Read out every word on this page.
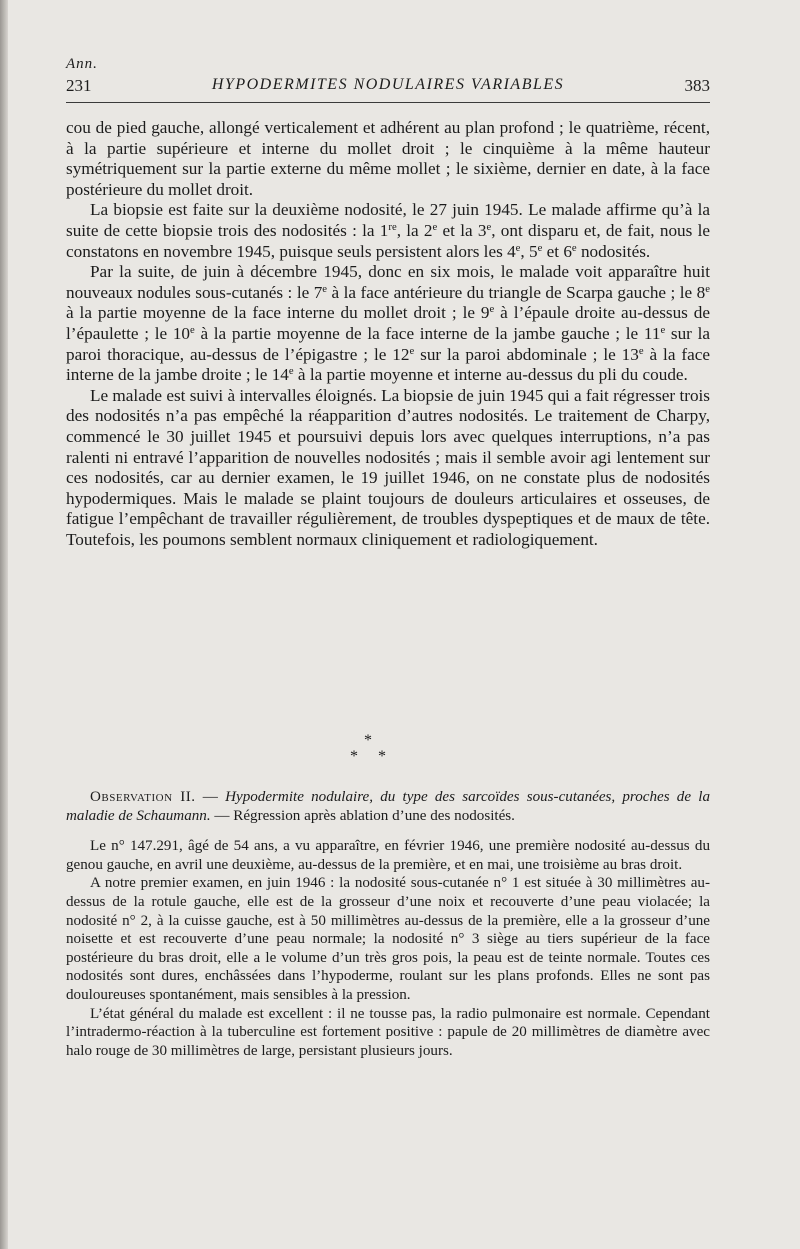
Ann.
231	HYPODERMITES NODULAIRES VARIABLES	383

cou de pied gauche, allongé verticalement et adhérent au plan profond ; le quatrième, récent, à la partie supérieure et interne du mollet droit ; le cinquième à la même hauteur symétriquement sur la partie externe du même mollet ; le sixième, dernier en date, à la face postérieure du mollet droit.

La biopsie est faite sur la deuxième nodosité, le 27 juin 1945. Le malade affirme qu’à la suite de cette biopsie trois des nodosités : la 1re, la 2e et la 3e, ont disparu et, de fait, nous le constatons en novembre 1945, puisque seuls persistent alors les 4e, 5e et 6e nodosités.

Par la suite, de juin à décembre 1945, donc en six mois, le malade voit apparaître huit nouveaux nodules sous-cutanés : le 7e à la face antérieure du triangle de Scarpa gauche ; le 8e à la partie moyenne de la face interne du mollet droit ; le 9e à l’épaule droite au-dessus de l’épaulette ; le 10e à la partie moyenne de la face interne de la jambe gauche ; le 11e sur la paroi thoracique, au-dessus de l’épigastre ; le 12e sur la paroi abdominale ; le 13e à la face interne de la jambe droite ; le 14e à la partie moyenne et interne au-dessus du pli du coude.

Le malade est suivi à intervalles éloignés. La biopsie de juin 1945 qui a fait régresser trois des nodosités n’a pas empêché la réapparition d’autres nodosités. Le traitement de Charpy, commencé le 30 juillet 1945 et poursuivi depuis lors avec quelques interruptions, n’a pas ralenti ni entravé l’apparition de nouvelles nodosités ; mais il semble avoir agi lentement sur ces nodosités, car au dernier examen, le 19 juillet 1946, on ne constate plus de nodosités hypodermiques. Mais le malade se plaint toujours de douleurs articulaires et osseuses, de fatigue l’empêchant de travailler régulièrement, de troubles dyspeptiques et de maux de tête. Toutefois, les poumons semblent normaux cliniquement et radiologiquement.

*
* *

Observation II. — Hypodermite nodulaire, du type des sarcoïdes sous-cutanées, proches de la maladie de Schaumann. — Régression après ablation d’une des nodosités.

Le n° 147.291, âgé de 54 ans, a vu apparaître, en février 1946, une première nodosité au-dessus du genou gauche, en avril une deuxième, au-dessus de la première, et en mai, une troisième au bras droit.

A notre premier examen, en juin 1946 : la nodosité sous-cutanée n° 1 est située à 30 millimètres au-dessus de la rotule gauche, elle est de la grosseur d’une noix et recouverte d’une peau violacée; la nodosité n° 2, à la cuisse gauche, est à 50 millimètres au-dessus de la première, elle a la grosseur d’une noisette et est recouverte d’une peau normale; la nodosité n° 3 siège au tiers supérieur de la face postérieure du bras droit, elle a le volume d’un très gros pois, la peau est de teinte normale. Toutes ces nodosités sont dures, enchâssées dans l’hypoderme, roulant sur les plans profonds. Elles ne sont pas douloureuses spontanément, mais sensibles à la pression.

L’état général du malade est excellent : il ne tousse pas, la radio pulmonaire est normale. Cependant l’intradermo-réaction à la tuberculine est fortement positive : papule de 20 millimètres de diamètre avec halo rouge de 30 millimètres de large, persistant plusieurs jours.
